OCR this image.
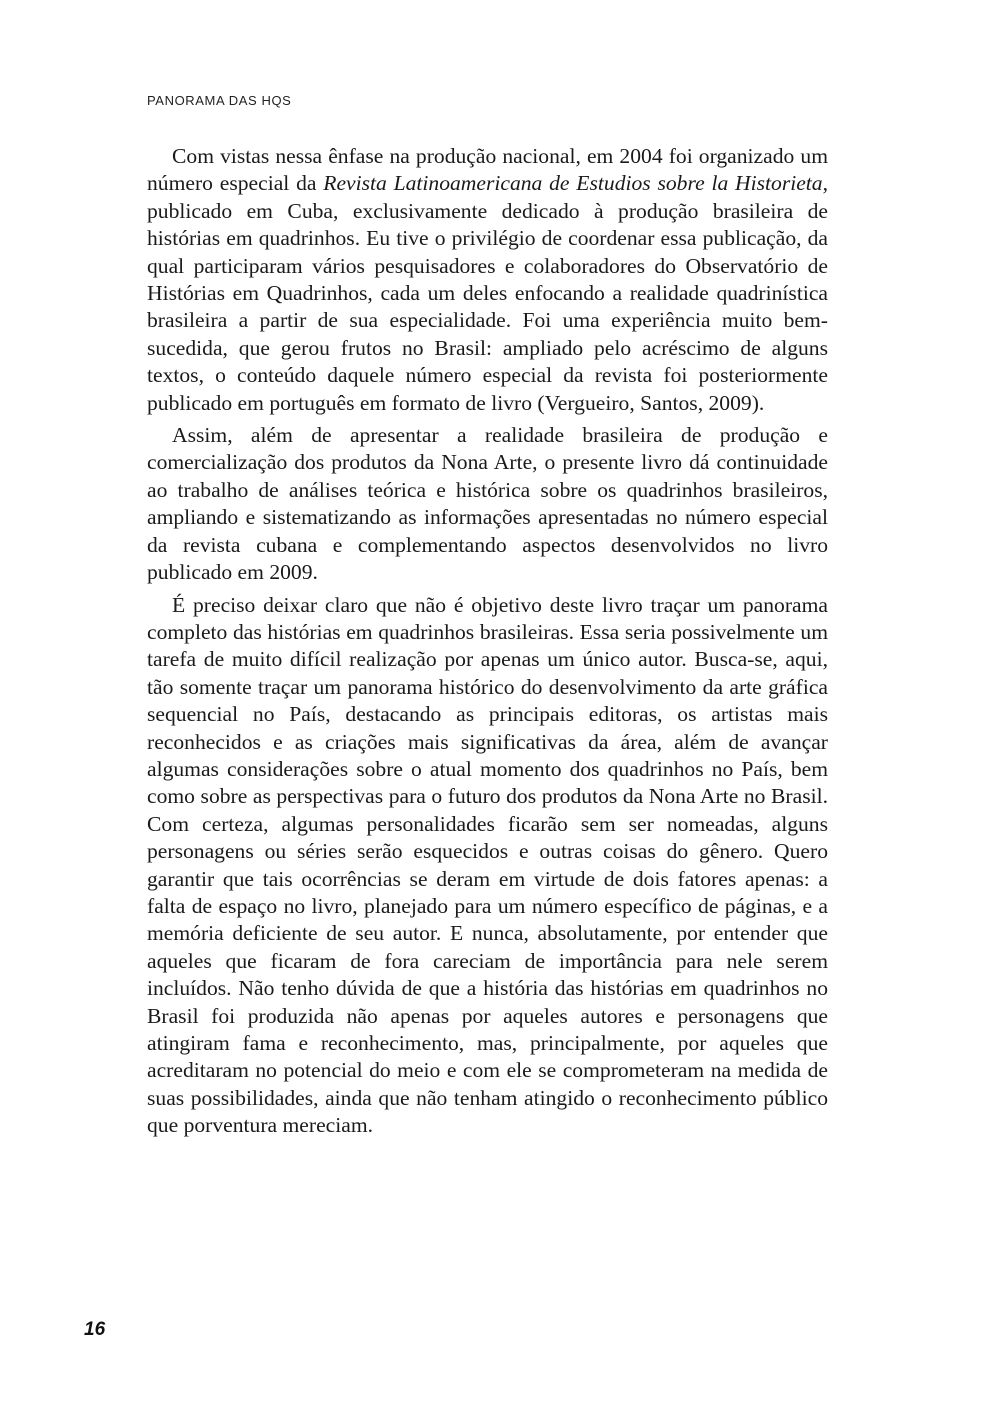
PANORAMA DAS HQS

Com vistas nessa ênfase na produção nacional, em 2004 foi organizado um número especial da Revista Latinoamericana de Estudios sobre la Historieta, publicado em Cuba, exclusivamente dedicado à produção brasileira de histórias em quadrinhos. Eu tive o privilégio de coordenar essa publicação, da qual participaram vários pesquisadores e colaboradores do Observatório de Histórias em Quadrinhos, cada um deles enfocando a realidade quadrinística brasileira a partir de sua especialidade. Foi uma experiência muito bem-sucedida, que gerou frutos no Brasil: ampliado pelo acréscimo de alguns textos, o conteúdo daquele número especial da revista foi posteriormente publicado em português em formato de livro (Vergueiro, Santos, 2009).

Assim, além de apresentar a realidade brasileira de produção e comercialização dos produtos da Nona Arte, o presente livro dá continuidade ao trabalho de análises teórica e histórica sobre os quadrinhos brasileiros, ampliando e sistematizando as informações apresentadas no número especial da revista cubana e complementando aspectos desenvolvidos no livro publicado em 2009.

É preciso deixar claro que não é objetivo deste livro traçar um panorama completo das histórias em quadrinhos brasileiras. Essa seria possivelmente um tarefa de muito difícil realização por apenas um único autor. Busca-se, aqui, tão somente traçar um panorama histórico do desenvolvimento da arte gráfica sequencial no País, destacando as principais editoras, os artistas mais reconhecidos e as criações mais significativas da área, além de avançar algumas considerações sobre o atual momento dos quadrinhos no País, bem como sobre as perspectivas para o futuro dos produtos da Nona Arte no Brasil. Com certeza, algumas personalidades ficarão sem ser nomeadas, alguns personagens ou séries serão esquecidos e outras coisas do gênero. Quero garantir que tais ocorrências se deram em virtude de dois fatores apenas: a falta de espaço no livro, planejado para um número específico de páginas, e a memória deficiente de seu autor. E nunca, absolutamente, por entender que aqueles que ficaram de fora careciam de importância para nele serem incluídos. Não tenho dúvida de que a história das histórias em quadrinhos no Brasil foi produzida não apenas por aqueles autores e personagens que atingiram fama e reconhecimento, mas, principalmente, por aqueles que acreditaram no potencial do meio e com ele se comprometeram na medida de suas possibilidades, ainda que não tenham atingido o reconhecimento público que porventura mereciam.

16
